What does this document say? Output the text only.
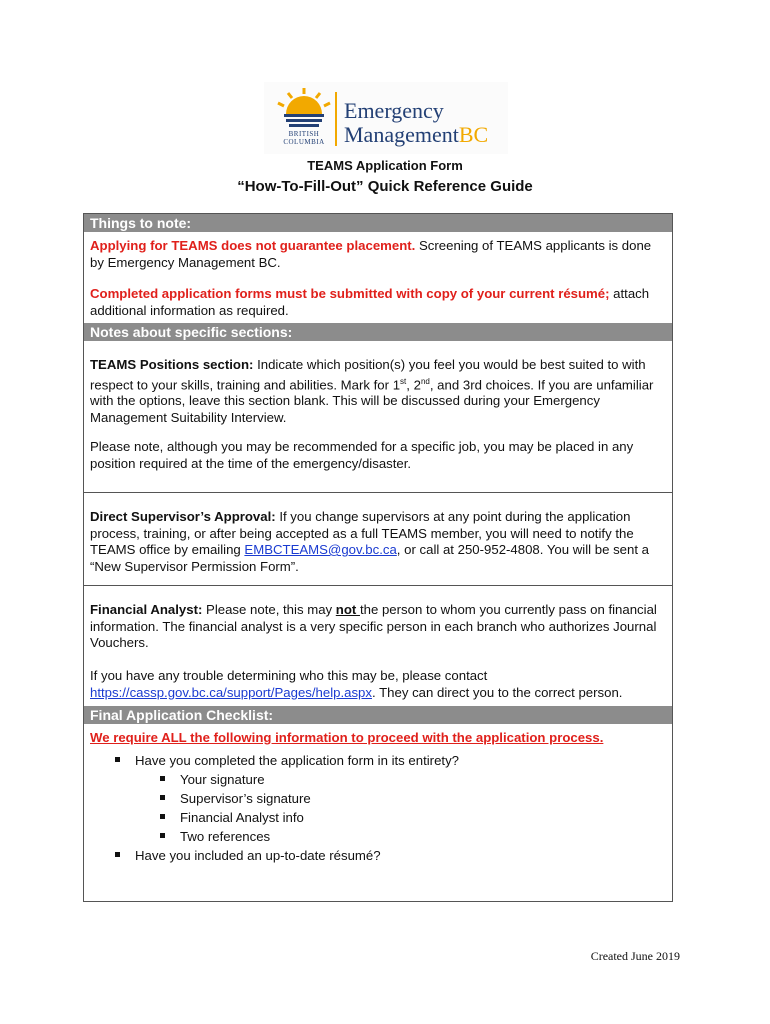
BRITISH
COLUMBIA
Emergency
ManagementBC
TEAMS Application Form
“How-To-Fill-Out” Quick Reference Guide
Things to note:

Applying for TEAMS does not guarantee placement. Screening of TEAMS applicants is done by Emergency Management BC.

Completed application forms must be submitted with copy of your current résumé; attach additional information as required.

Notes about specific sections:

TEAMS Positions section: Indicate which position(s) you feel you would be best suited to with respect to your skills, training and abilities. Mark for 1st, 2nd, and 3rd choices. If you are unfamiliar with the options, leave this section blank. This will be discussed during your Emergency Management Suitability Interview.

Please note, although you may be recommended for a specific job, you may be placed in any position required at the time of the emergency/disaster.

Direct Supervisor’s Approval: If you change supervisors at any point during the application process, training, or after being accepted as a full TEAMS member, you will need to notify the TEAMS office by emailing EMBCTEAMS@gov.bc.ca, or call at 250-952-4808. You will be sent a “New Supervisor Permission Form”.

Financial Analyst: Please note, this may not the person to whom you currently pass on financial information. The financial analyst is a very specific person in each branch who authorizes Journal Vouchers.

If you have any trouble determining who this may be, please contact https://cassp.gov.bc.ca/support/Pages/help.aspx. They can direct you to the correct person.

Final Application Checklist:

We require ALL the following information to proceed with the application process.

Have you completed the application form in its entirety?
Your signature
Supervisor’s signature
Financial Analyst info
Two references
Have you included an up-to-date résumé?
Created June 2019
